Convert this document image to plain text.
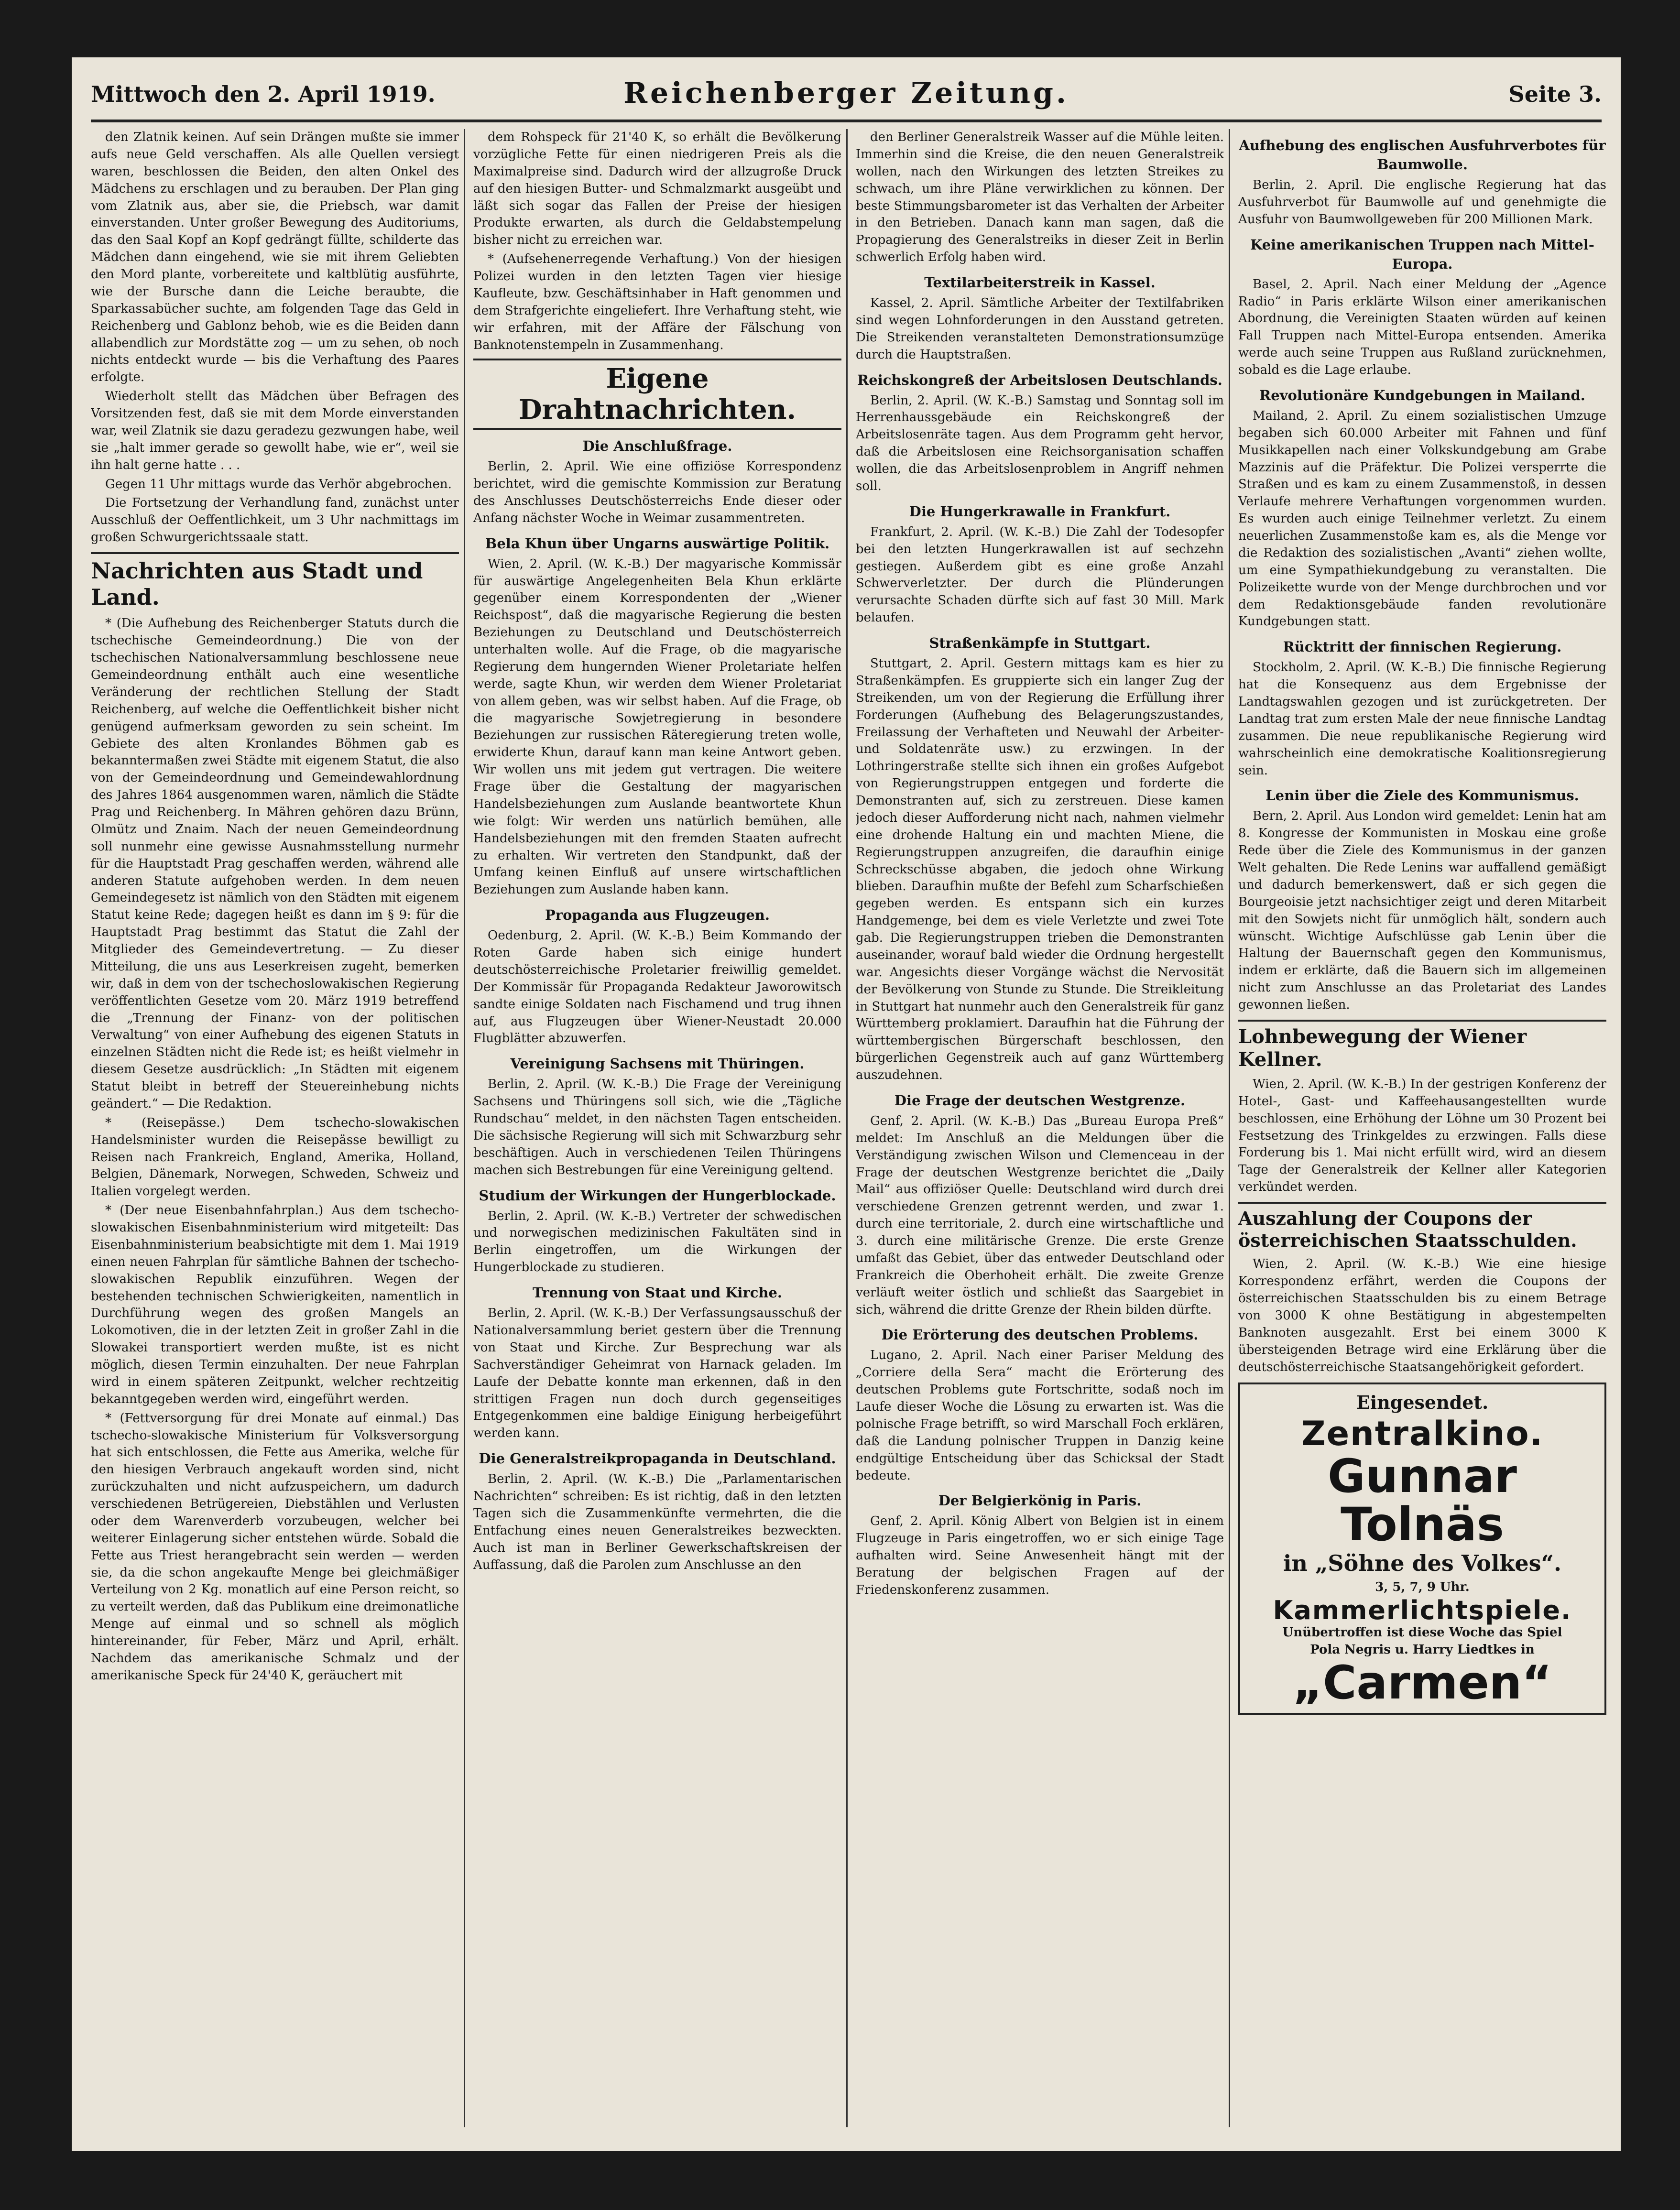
Mittwoch den 2. April 1919.	Reichenberger Zeitung.	Seite 3.

den Zlatnik keinen. Auf sein Drängen mußte sie immer aufs neue Geld verschaffen. Als alle Quellen versiegt waren, beschlossen die Beiden, den alten Onkel des Mädchens zu erschlagen und zu berauben. Der Plan ging vom Zlatnik aus, aber sie, die Priebsch, war damit einverstanden. Unter großer Bewegung des Auditoriums, das den Saal Kopf an Kopf gedrängt füllte, schilderte das Mädchen dann eingehend, wie sie mit ihrem Geliebten den Mord plante, vorbereitete und kaltblütig ausführte, wie der Bursche dann die Leiche beraubte, die Sparkassabücher suchte, am folgenden Tage das Geld in Reichenberg und Gablonz behob, wie es die Beiden dann allabendlich zur Mordstätte zog — um zu sehen, ob noch nichts entdeckt wurde — bis die Verhaftung des Paares erfolgte.

Wiederholt stellt das Mädchen über Befragen des Vorsitzenden fest, daß sie mit dem Morde einverstanden war, weil Zlatnik sie dazu geradezu gezwungen habe, weil sie „halt immer gerade so gewollt habe, wie er“, weil sie ihn halt gerne hatte . . .

Gegen 11 Uhr mittags wurde das Verhör abgebrochen.

Die Fortsetzung der Verhandlung fand, zunächst unter Ausschluß der Oeffentlichkeit, um 3 Uhr nachmittags im großen Schwurgerichtssaale statt.

Nachrichten aus Stadt und Land.

* (Die Aufhebung des Reichenberger Statuts durch die tschechische Gemeindeordnung.) Die von der tschechischen Nationalversammlung beschlossene neue Gemeindeordnung enthält auch eine wesentliche Veränderung der rechtlichen Stellung der Stadt Reichenberg, auf welche die Oeffentlichkeit bisher nicht genügend aufmerksam geworden zu sein scheint. Im Gebiete des alten Kronlandes Böhmen gab es bekanntermaßen zwei Städte mit eigenem Statut, die also von der Gemeindeordnung und Gemeindewahlordnung des Jahres 1864 ausgenommen waren, nämlich die Städte Prag und Reichenberg. In Mähren gehören dazu Brünn, Olmütz und Znaim. Nach der neuen Gemeindeordnung soll nunmehr eine gewisse Ausnahmsstellung nurmehr für die Hauptstadt Prag geschaffen werden, während alle anderen Statute aufgehoben werden. In dem neuen Gemeindegesetz ist nämlich von den Städten mit eigenem Statut keine Rede; dagegen heißt es dann im § 9: für die Hauptstadt Prag bestimmt das Statut die Zahl der Mitglieder des Gemeindevertretung. — Zu dieser Mitteilung, die uns aus Leserkreisen zugeht, bemerken wir, daß in dem von der tschechoslowakischen Regierung veröffentlichten Gesetze vom 20. März 1919 betreffend die „Trennung der Finanz- von der politischen Verwaltung“ von einer Aufhebung des eigenen Statuts in einzelnen Städten nicht die Rede ist; es heißt vielmehr in diesem Gesetze ausdrücklich: „In Städten mit eigenem Statut bleibt in betreff der Steuereinhebung nichts geändert.“ — Die Redaktion.

* (Reisepässe.) Dem tschecho-slowakischen Handelsminister wurden die Reisepässe bewilligt zu Reisen nach Frankreich, England, Amerika, Holland, Belgien, Dänemark, Norwegen, Schweden, Schweiz und Italien vorgelegt werden.

* (Der neue Eisenbahnfahrplan.) Aus dem tschecho-slowakischen Eisenbahnministerium wird mitgeteilt: Das Eisenbahnministerium beabsichtigte mit dem 1. Mai 1919 einen neuen Fahrplan für sämtliche Bahnen der tschecho-slowakischen Republik einzuführen. Wegen der bestehenden technischen Schwierigkeiten, namentlich in Durchführung wegen des großen Mangels an Lokomotiven, die in der letzten Zeit in großer Zahl in die Slowakei transportiert werden mußte, ist es nicht möglich, diesen Termin einzuhalten. Der neue Fahrplan wird in einem späteren Zeitpunkt, welcher rechtzeitig bekanntgegeben werden wird, eingeführt werden.

* (Fettversorgung für drei Monate auf einmal.) Das tschecho-slowakische Ministerium für Volksversorgung hat sich entschlossen, die Fette aus Amerika, welche für den hiesigen Verbrauch angekauft worden sind, nicht zurückzuhalten und nicht aufzuspeichern, um dadurch verschiedenen Betrügereien, Diebstählen und Verlusten oder dem Warenverderb vorzubeugen, welcher bei weiterer Einlagerung sicher entstehen würde. Sobald die Fette aus Triest herangebracht sein werden — werden sie, da die schon angekaufte Menge bei gleichmäßiger Verteilung von 2 Kg. monatlich auf eine Person reicht, so zu verteilt werden, daß das Publikum eine dreimonatliche Menge auf einmal und so schnell als möglich hintereinander, für Feber, März und April, erhält. Nachdem das amerikanische Schmalz und der amerikanische Speck für 24'40 K, geräuchert mit

dem Rohspeck für 21'40 K, so erhält die Bevölkerung vorzügliche Fette für einen niedrigeren Preis als die Maximalpreise sind. Dadurch wird der allzugroße Druck auf den hiesigen Butter- und Schmalzmarkt ausgeübt und läßt sich sogar das Fallen der Preise der hiesigen Produkte erwarten, als durch die Geldabstempelung bisher nicht zu erreichen war.

* (Aufsehenerregende Verhaftung.) Von der hiesigen Polizei wurden in den letzten Tagen vier hiesige Kaufleute, bzw. Geschäftsinhaber in Haft genommen und dem Strafgerichte eingeliefert. Ihre Verhaftung steht, wie wir erfahren, mit der Affäre der Fälschung von Banknotenstempeln in Zusammenhang.

Eigene Drahtnachrichten.
Die Anschlußfrage.

Berlin, 2. April. Wie eine offiziöse Korrespondenz berichtet, wird die gemischte Kommission zur Beratung des Anschlusses Deutschösterreichs Ende dieser oder Anfang nächster Woche in Weimar zusammentreten.

Bela Khun über Ungarns auswärtige Politik.

Wien, 2. April. (W. K.-B.) Der magyarische Kommissär für auswärtige Angelegenheiten Bela Khun erklärte gegenüber einem Korrespondenten der „Wiener Reichspost“, daß die magyarische Regierung die besten Beziehungen zu Deutschland und Deutschösterreich unterhalten wolle. Auf die Frage, ob die magyarische Regierung dem hungernden Wiener Proletariate helfen werde, sagte Khun, wir werden dem Wiener Proletariat von allem geben, was wir selbst haben. Auf die Frage, ob die magyarische Sowjetregierung in besondere Beziehungen zur russischen Räteregierung treten wolle, erwiderte Khun, darauf kann man keine Antwort geben. Wir wollen uns mit jedem gut vertragen. Die weitere Frage über die Gestaltung der magyarischen Handelsbeziehungen zum Auslande beantwortete Khun wie folgt: Wir werden uns natürlich bemühen, alle Handelsbeziehungen mit den fremden Staaten aufrecht zu erhalten. Wir vertreten den Standpunkt, daß der Umfang keinen Einfluß auf unsere wirtschaftlichen Beziehungen zum Auslande haben kann.

Propaganda aus Flugzeugen.

Oedenburg, 2. April. (W. K.-B.) Beim Kommando der Roten Garde haben sich einige hundert deutschösterreichische Proletarier freiwillig gemeldet. Der Kommissär für Propaganda Redakteur Jaworowitsch sandte einige Soldaten nach Fischamend und trug ihnen auf, aus Flugzeugen über Wiener-Neustadt 20.000 Flugblätter abzuwerfen.

Vereinigung Sachsens mit Thüringen.

Berlin, 2. April. (W. K.-B.) Die Frage der Vereinigung Sachsens und Thüringens soll sich, wie die „Tägliche Rundschau“ meldet, in den nächsten Tagen entscheiden. Die sächsische Regierung will sich mit Schwarzburg sehr beschäftigen. Auch in verschiedenen Teilen Thüringens machen sich Bestrebungen für eine Vereinigung geltend.

Studium der Wirkungen der Hungerblockade.

Berlin, 2. April. (W. K.-B.) Vertreter der schwedischen und norwegischen medizinischen Fakultäten sind in Berlin eingetroffen, um die Wirkungen der Hungerblockade zu studieren.

Trennung von Staat und Kirche.

Berlin, 2. April. (W. K.-B.) Der Verfassungsausschuß der Nationalversammlung beriet gestern über die Trennung von Staat und Kirche. Zur Besprechung war als Sachverständiger Geheimrat von Harnack geladen. Im Laufe der Debatte konnte man erkennen, daß in den strittigen Fragen nun doch durch gegenseitiges Entgegenkommen eine baldige Einigung herbeigeführt werden kann.

Die Generalstreikpropaganda in Deutschland.

Berlin, 2. April. (W. K.-B.) Die „Parlamentarischen Nachrichten“ schreiben: Es ist richtig, daß in den letzten Tagen sich die Zusammenkünfte vermehrten, die die Entfachung eines neuen Generalstreikes bezweckten. Auch ist man in Berliner Gewerkschaftskreisen der Auffassung, daß die Parolen zum Anschlusse an den

den Berliner Generalstreik Wasser auf die Mühle leiten. Immerhin sind die Kreise, die den neuen Generalstreik wollen, nach den Wirkungen des letzten Streikes zu schwach, um ihre Pläne verwirklichen zu können. Der beste Stimmungsbarometer ist das Verhalten der Arbeiter in den Betrieben. Danach kann man sagen, daß die Propagierung des Generalstreiks in dieser Zeit in Berlin schwerlich Erfolg haben wird.

Textilarbeiterstreik in Kassel.

Kassel, 2. April. Sämtliche Arbeiter der Textilfabriken sind wegen Lohnforderungen in den Ausstand getreten. Die Streikenden veranstalteten Demonstrationsumzüge durch die Hauptstraßen.

Reichskongreß der Arbeitslosen Deutschlands.

Berlin, 2. April. (W. K.-B.) Samstag und Sonntag soll im Herrenhaussgebäude ein Reichskongreß der Arbeitslosenräte tagen. Aus dem Programm geht hervor, daß die Arbeitslosen eine Reichsorganisation schaffen wollen, die das Arbeitslosenproblem in Angriff nehmen soll.

Die Hungerkrawalle in Frankfurt.

Frankfurt, 2. April. (W. K.-B.) Die Zahl der Todesopfer bei den letzten Hungerkrawallen ist auf sechzehn gestiegen. Außerdem gibt es eine große Anzahl Schwerverletzter. Der durch die Plünderungen verursachte Schaden dürfte sich auf fast 30 Mill. Mark belaufen.

Straßenkämpfe in Stuttgart.

Stuttgart, 2. April. Gestern mittags kam es hier zu Straßenkämpfen. Es gruppierte sich ein langer Zug der Streikenden, um von der Regierung die Erfüllung ihrer Forderungen (Aufhebung des Belagerungszustandes, Freilassung der Verhafteten und Neuwahl der Arbeiter- und Soldatenräte usw.) zu erzwingen. In der Lothringerstraße stellte sich ihnen ein großes Aufgebot von Regierungstruppen entgegen und forderte die Demonstranten auf, sich zu zerstreuen. Diese kamen jedoch dieser Aufforderung nicht nach, nahmen vielmehr eine drohende Haltung ein und machten Miene, die Regierungstruppen anzugreifen, die daraufhin einige Schreckschüsse abgaben, die jedoch ohne Wirkung blieben. Daraufhin mußte der Befehl zum Scharfschießen gegeben werden. Es entspann sich ein kurzes Handgemenge, bei dem es viele Verletzte und zwei Tote gab. Die Regierungstruppen trieben die Demonstranten auseinander, worauf bald wieder die Ordnung hergestellt war. Angesichts dieser Vorgänge wächst die Nervosität der Bevölkerung von Stunde zu Stunde. Die Streikleitung in Stuttgart hat nunmehr auch den Generalstreik für ganz Württemberg proklamiert. Daraufhin hat die Führung der württembergischen Bürgerschaft beschlossen, den bürgerlichen Gegenstreik auch auf ganz Württemberg auszudehnen.

Die Frage der deutschen Westgrenze.

Genf, 2. April. (W. K.-B.) Das „Bureau Europa Preß“ meldet: Im Anschluß an die Meldungen über die Verständigung zwischen Wilson und Clemenceau in der Frage der deutschen Westgrenze berichtet die „Daily Mail“ aus offiziöser Quelle: Deutschland wird durch drei verschiedene Grenzen getrennt werden, und zwar 1. durch eine territoriale, 2. durch eine wirtschaftliche und 3. durch eine militärische Grenze. Die erste Grenze umfaßt das Gebiet, über das entweder Deutschland oder Frankreich die Oberhoheit erhält. Die zweite Grenze verläuft weiter östlich und schließt das Saargebiet in sich, während die dritte Grenze der Rhein bilden dürfte.

Die Erörterung des deutschen Problems.

Lugano, 2. April. Nach einer Pariser Meldung des „Corriere della Sera“ macht die Erörterung des deutschen Problems gute Fortschritte, sodaß noch im Laufe dieser Woche die Lösung zu erwarten ist. Was die polnische Frage betrifft, so wird Marschall Foch erklären, daß die Landung polnischer Truppen in Danzig keine endgültige Entscheidung über das Schicksal der Stadt bedeute.

Der Belgierkönig in Paris.

Genf, 2. April. König Albert von Belgien ist in einem Flugzeuge in Paris eingetroffen, wo er sich einige Tage aufhalten wird. Seine Anwesenheit hängt mit der Beratung der belgischen Fragen auf der Friedenskonferenz zusammen.

Aufhebung des englischen Ausfuhrverbotes für Baumwolle.

Berlin, 2. April. Die englische Regierung hat das Ausfuhrverbot für Baumwolle auf und genehmigte die Ausfuhr von Baumwollgeweben für 200 Millionen Mark.

Keine amerikanischen Truppen nach Mittel-Europa.

Basel, 2. April. Nach einer Meldung der „Agence Radio“ in Paris erklärte Wilson einer amerikanischen Abordnung, die Vereinigten Staaten würden auf keinen Fall Truppen nach Mittel-Europa entsenden. Amerika werde auch seine Truppen aus Rußland zurücknehmen, sobald es die Lage erlaube.

Revolutionäre Kundgebungen in Mailand.

Mailand, 2. April. Zu einem sozialistischen Umzuge begaben sich 60.000 Arbeiter mit Fahnen und fünf Musikkapellen nach einer Volkskundgebung am Grabe Mazzinis auf die Präfektur. Die Polizei versperrte die Straßen und es kam zu einem Zusammenstoß, in dessen Verlaufe mehrere Verhaftungen vorgenommen wurden. Es wurden auch einige Teilnehmer verletzt. Zu einem neuerlichen Zusammenstoße kam es, als die Menge vor die Redaktion des sozialistischen „Avanti“ ziehen wollte, um eine Sympathiekundgebung zu veranstalten. Die Polizeikette wurde von der Menge durchbrochen und vor dem Redaktionsgebäude fanden revolutionäre Kundgebungen statt.

Rücktritt der finnischen Regierung.

Stockholm, 2. April. (W. K.-B.) Die finnische Regierung hat die Konsequenz aus dem Ergebnisse der Landtagswahlen gezogen und ist zurückgetreten. Der Landtag trat zum ersten Male der neue finnische Landtag zusammen. Die neue republikanische Regierung wird wahrscheinlich eine demokratische Koalitionsregierung sein.

Lenin über die Ziele des Kommunismus.

Bern, 2. April. Aus London wird gemeldet: Lenin hat am 8. Kongresse der Kommunisten in Moskau eine große Rede über die Ziele des Kommunismus in der ganzen Welt gehalten. Die Rede Lenins war auffallend gemäßigt und dadurch bemerkenswert, daß er sich gegen die Bourgeoisie jetzt nachsichtiger zeigt und deren Mitarbeit mit den Sowjets nicht für unmöglich hält, sondern auch wünscht. Wichtige Aufschlüsse gab Lenin über die Haltung der Bauernschaft gegen den Kommunismus, indem er erklärte, daß die Bauern sich im allgemeinen nicht zum Anschlusse an das Proletariat des Landes gewonnen ließen.

Lohnbewegung der Wiener Kellner.

Wien, 2. April. (W. K.-B.) In der gestrigen Konferenz der Hotel-, Gast- und Kaffeehausangestellten wurde beschlossen, eine Erhöhung der Löhne um 30 Prozent bei Festsetzung des Trinkgeldes zu erzwingen. Falls diese Forderung bis 1. Mai nicht erfüllt wird, wird an diesem Tage der Generalstreik der Kellner aller Kategorien verkündet werden.

Auszahlung der Coupons der österreichischen Staatsschulden.

Wien, 2. April. (W. K.-B.) Wie eine hiesige Korrespondenz erfährt, werden die Coupons der österreichischen Staatsschulden bis zu einem Betrage von 3000 K ohne Bestätigung in abgestempelten Banknoten ausgezahlt. Erst bei einem 3000 K übersteigenden Betrage wird eine Erklärung über die deutschösterreichische Staatsangehörigkeit gefordert.

Eingesendet.
Zentralkino.
Gunnar Tolnäs
in „Söhne des Volkes“.
3, 5, 7, 9 Uhr.
Kammerlichtspiele.
Unübertroffen ist diese Woche das Spiel
Pola Negris u. Harry Liedtkes in
„Carmen“
